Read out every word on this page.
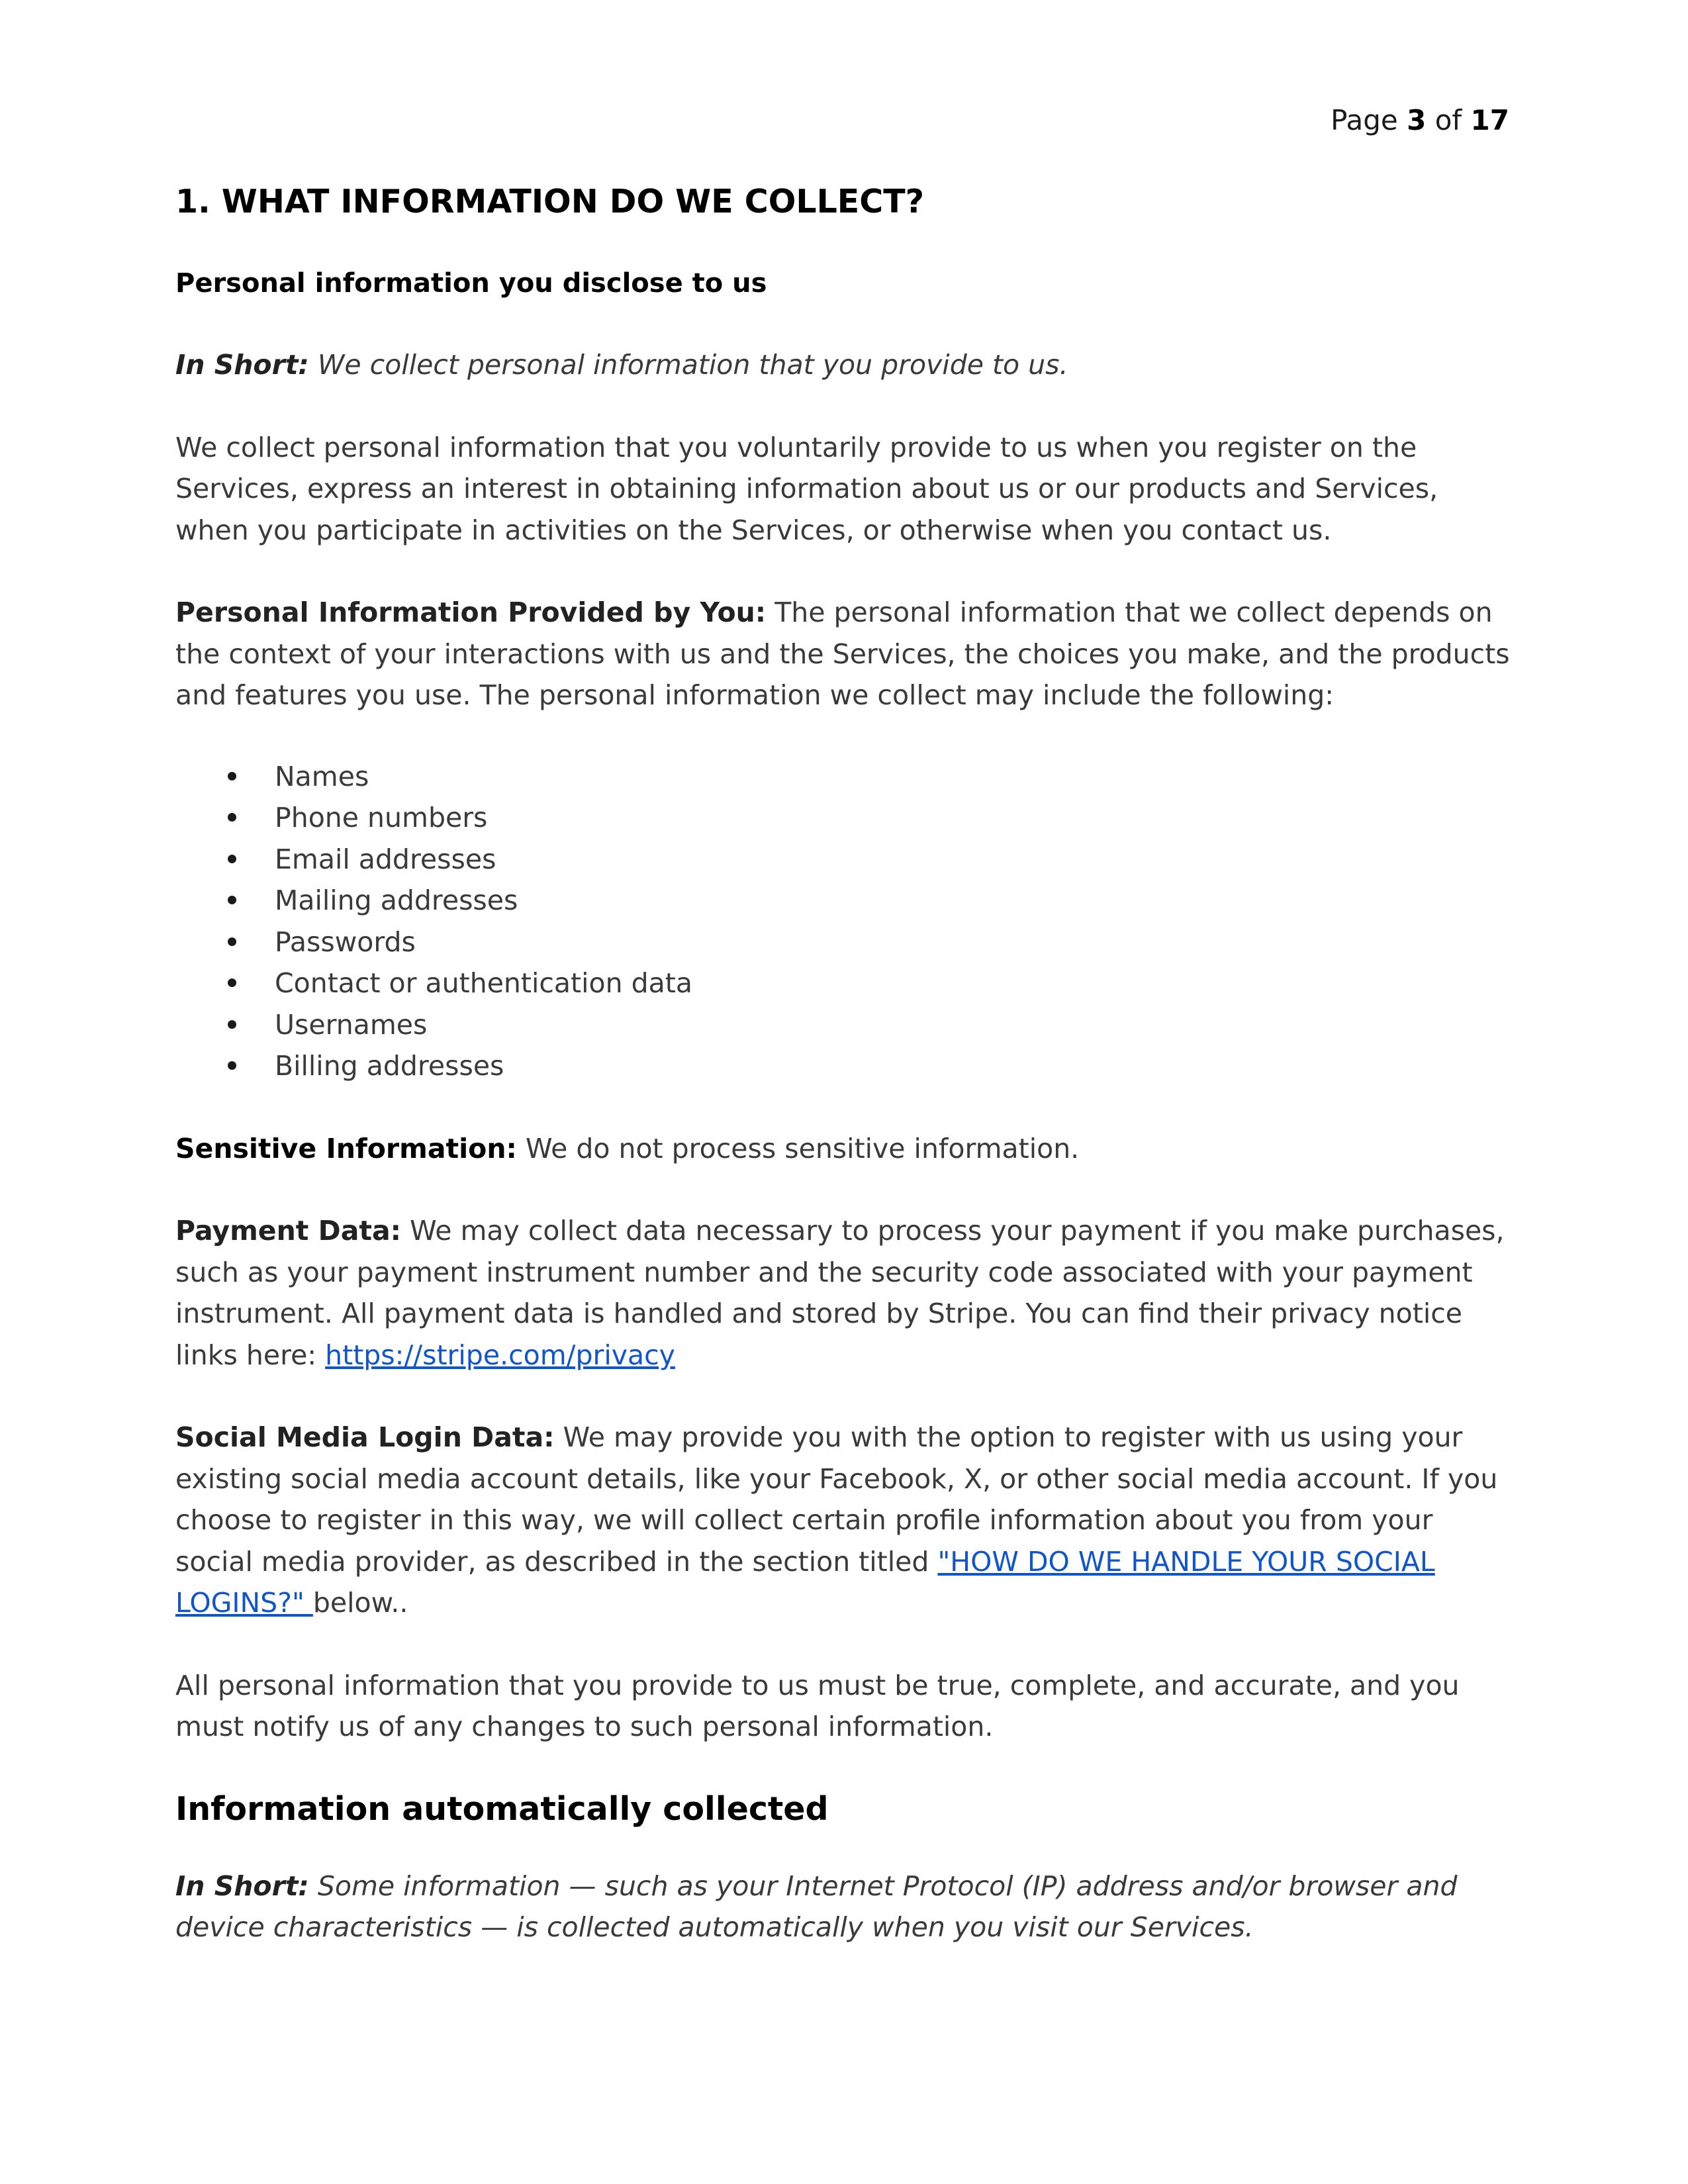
Page 3 of 17
1. WHAT INFORMATION DO WE COLLECT?
Personal information you disclose to us

In Short: We collect personal information that you provide to us.

We collect personal information that you voluntarily provide to us when you register on the Services, express an interest in obtaining information about us or our products and Services, when you participate in activities on the Services, or otherwise when you contact us.

Personal Information Provided by You: The personal information that we collect depends on the context of your interactions with us and the Services, the choices you make, and the products and features you use. The personal information we collect may include the following:

Names
Phone numbers
Email addresses
Mailing addresses
Passwords
Contact or authentication data
Usernames
Billing addresses

Sensitive Information: We do not process sensitive information.

Payment Data: We may collect data necessary to process your payment if you make purchases, such as your payment instrument number and the security code associated with your payment instrument. All payment data is handled and stored by Stripe. You can find their privacy notice links here: https://stripe.com/privacy

Social Media Login Data: We may provide you with the option to register with us using your existing social media account details, like your Facebook, X, or other social media account. If you choose to register in this way, we will collect certain profile information about you from your social media provider, as described in the section titled "HOW DO WE HANDLE YOUR SOCIAL LOGINS?" below..

All personal information that you provide to us must be true, complete, and accurate, and you must notify us of any changes to such personal information.

Information automatically collected

In Short: Some information — such as your Internet Protocol (IP) address and/or browser and device characteristics — is collected automatically when you visit our Services.
